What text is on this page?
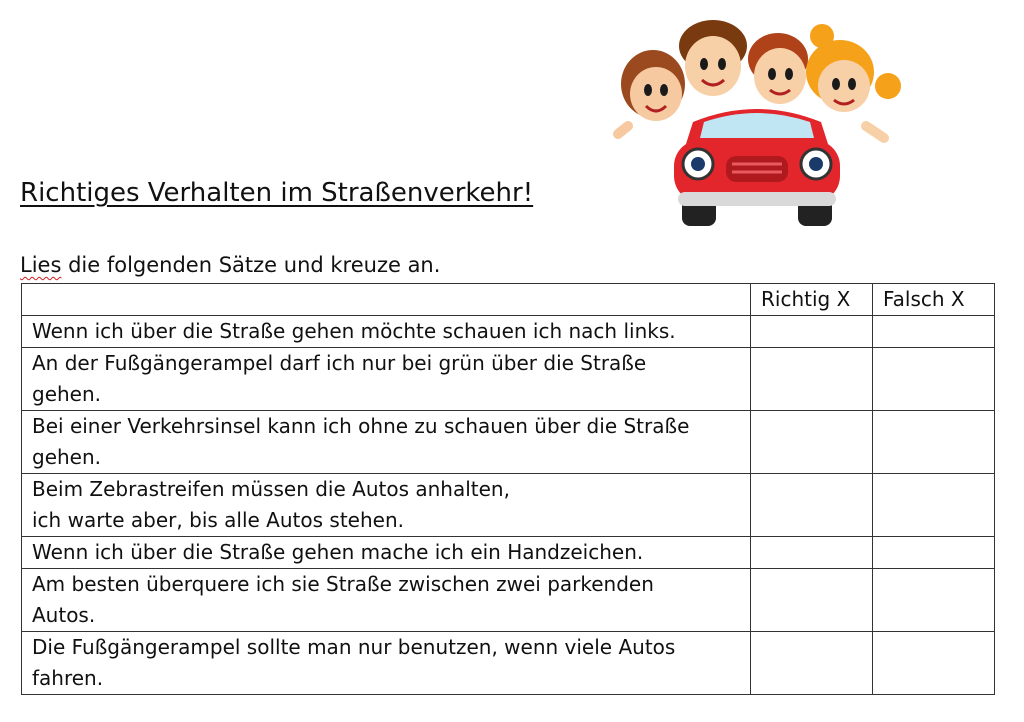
Richtiges Verhalten im Straßenverkehr!
Lies die folgenden Sätze und kreuze an.
	Richtig X	Falsch X

Wenn ich über die Straße gehen möchte schauen ich nach links.		

An der Fußgängerampel darf ich nur bei grün über die Straße
gehen.		

Bei einer Verkehrsinsel kann ich ohne zu schauen über die Straße
gehen.		

Beim Zebrastreifen müssen die Autos anhalten,
ich warte aber, bis alle Autos stehen.		

Wenn ich über die Straße gehen mache ich ein Handzeichen.		

Am besten überquere ich sie Straße zwischen zwei parkenden
Autos.		

Die Fußgängerampel sollte man nur benutzen, wenn viele Autos
fahren.		
